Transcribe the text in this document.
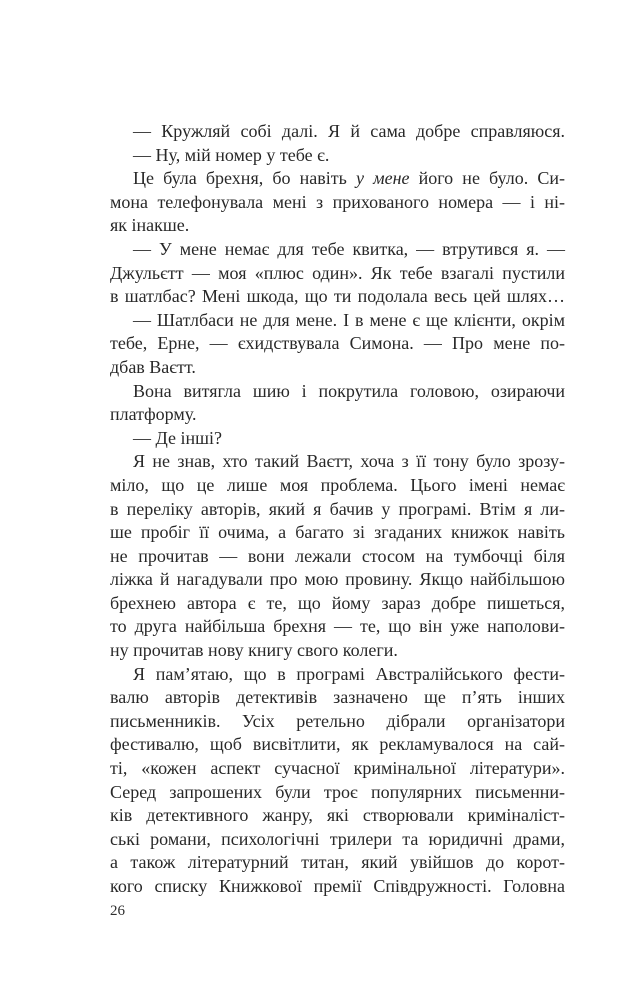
— Кружляй собі далі. Я й сама добре справляюся.
— Ну, мій номер у тебе є.
Це була брехня, бо навіть у мене його не було. Си-
мона телефонувала мені з прихованого номера — і ні-
як інакше.
— У мене немає для тебе квитка, — втрутився я. —
Джульєтт — моя «плюс один». Як тебе взагалі пустили
в шатлбас? Мені шкода, що ти подолала весь цей шлях…
— Шатлбаси не для мене. І в мене є ще клієнти, окрім
тебе, Ерне, — єхидствувала Симона. — Про мене по-
дбав Ваєтт.
Вона витягла шию і покрутила головою, озираючи
платформу.
— Де інші?
Я не знав, хто такий Ваєтт, хоча з її тону було зрозу-
міло, що це лише моя проблема. Цього імені немає
в переліку авторів, який я бачив у програмі. Втім я ли-
ше пробіг її очима, а багато зі згаданих книжок навіть
не прочитав — вони лежали стосом на тумбочці біля
ліжка й нагадували про мою провину. Якщо найбільшою
брехнею автора є те, що йому зараз добре пишеться,
то друга найбільша брехня — те, що він уже наполови-
ну прочитав нову книгу свого колеги.
Я пам’ятаю, що в програмі Австралійського фести-
валю авторів детективів зазначено ще п’ять інших
письменників. Усіх ретельно дібрали організатори
фестивалю, щоб висвітлити, як рекламувалося на сай-
ті, «кожен аспект сучасної кримінальної літератури».
Серед запрошених були троє популярних письменни-
ків детективного жанру, які створювали криміналіст-
ські романи, психологічні трилери та юридичні драми,
а також літературний титан, який увійшов до корот-
кого списку Книжкової премії Співдружності. Головна
26
